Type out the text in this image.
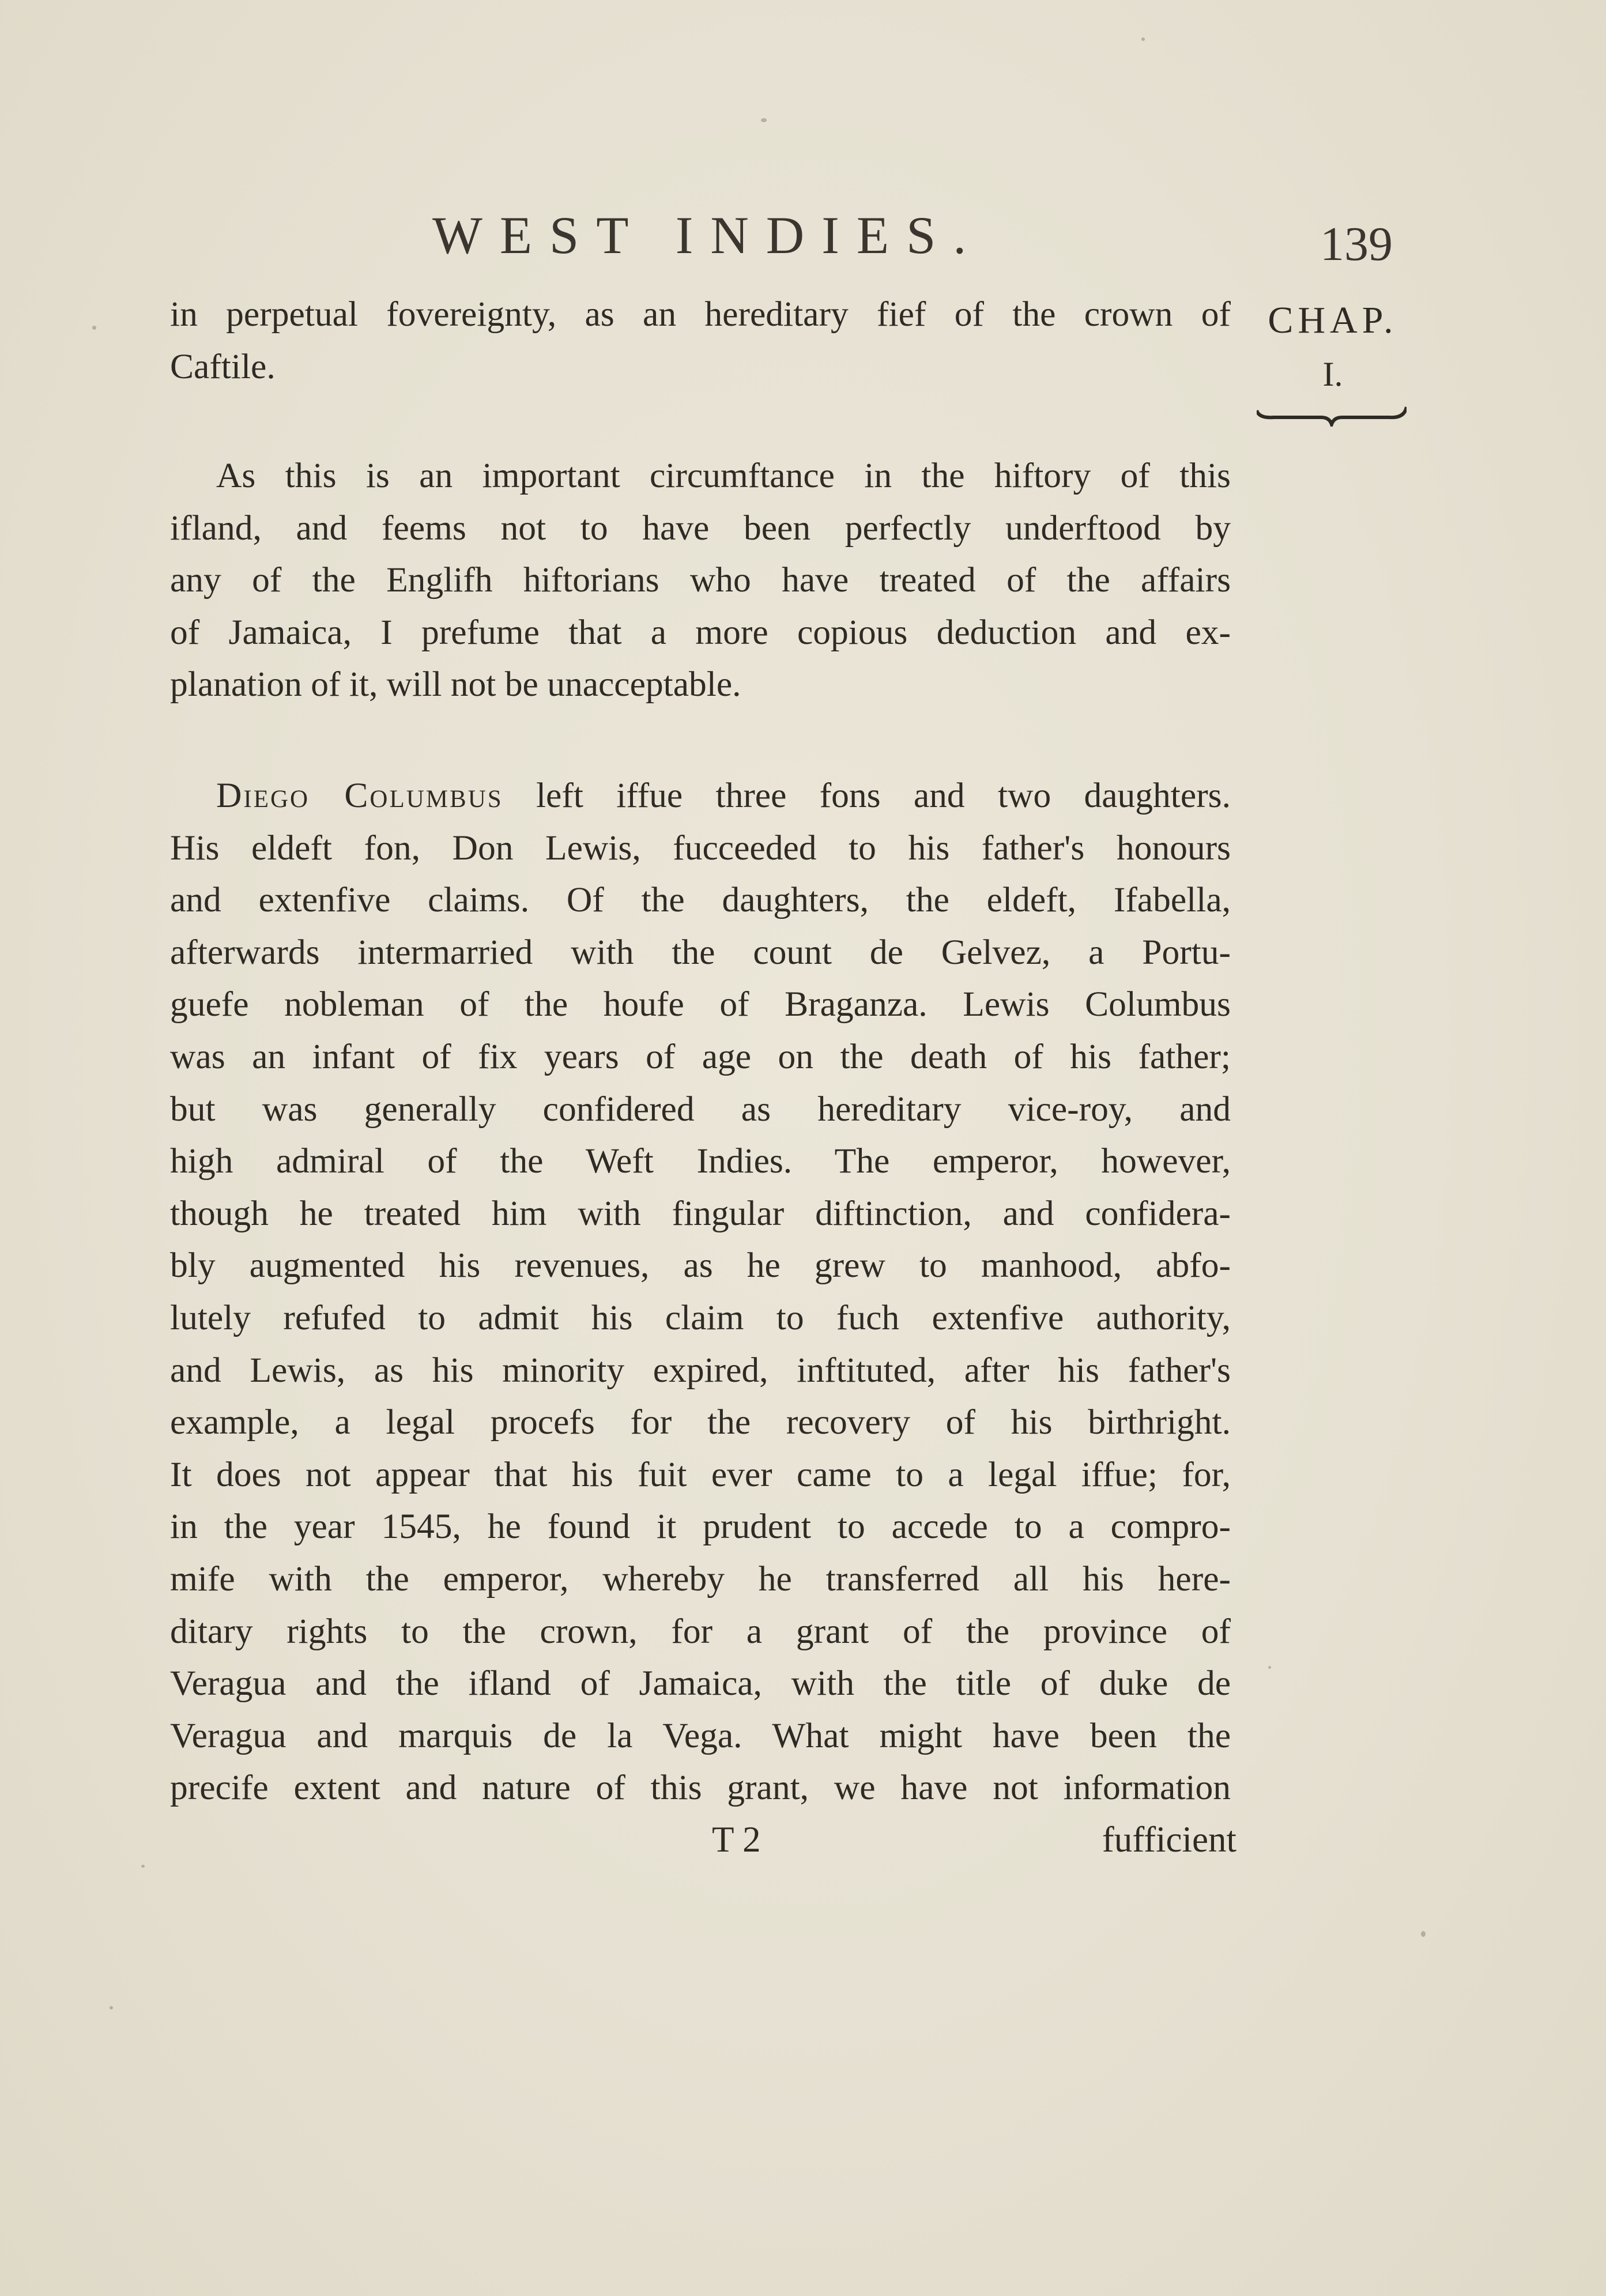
WEST INDIES.	139
CHAP.
I.
in perpetual fovereignty, as an hereditary fief of the crown of
Caftile.
As this is an important circumftance in the hiftory of this
ifland, and feems not to have been perfectly underftood by
any of the Englifh hiftorians who have treated of the affairs
of Jamaica, I prefume that a more copious deduction and ex-
planation of it, will not be unacceptable.
Diego Columbus left iffue three fons and two daughters.
His eldeft fon, Don Lewis, fucceeded to his father's honours
and extenfive claims. Of the daughters, the eldeft, Ifabella,
afterwards intermarried with the count de Gelvez, a Portu-
guefe nobleman of the houfe of Braganza. Lewis Columbus
was an infant of fix years of age on the death of his father;
but was generally confidered as hereditary vice-roy, and
high admiral of the Weft Indies. The emperor, however,
though he treated him with fingular diftinction, and confidera-
bly augmented his revenues, as he grew to manhood, abfo-
lutely refufed to admit his claim to fuch extenfive authority,
and Lewis, as his minority expired, inftituted, after his father's
example, a legal procefs for the recovery of his birthright.
It does not appear that his fuit ever came to a legal iffue; for,
in the year 1545, he found it prudent to accede to a compro-
mife with the emperor, whereby he transferred all his here-
ditary rights to the crown, for a grant of the province of
Veragua and the ifland of Jamaica, with the title of duke de
Veragua and marquis de la Vega. What might have been the
precife extent and nature of this grant, we have not information
T 2	fufficient
